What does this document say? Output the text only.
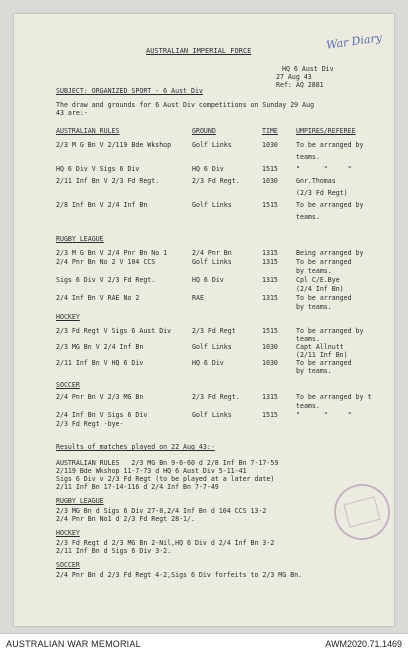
War Diary
AUSTRALIAN IMPERIAL FORCE
HQ 6 Aust Div
27 Aug 43
Ref: AQ 2881
SUBJECT: ORGANIZED SPORT - 6 Aust Div
The draw and grounds for 6 Aust Div competitions on Sunday 29 Aug
43 are:-
AUSTRALIAN RULES	GROUND	TIME	UMPIRES/REFEREE
RUGBY LEAGUE
HOCKEY
SOCCER
Results of matches played on 22 Aug 43:-
2/3 M G Bn V 2/119 Bde Wkshop	Golf Links	1030	To be arranged by
teams.
HQ 6 Div V Sigs 6 Div	HQ 6 Div	1515	"      "     "
2/11 Inf Bn V 2/3 Fd Regt.	2/3 Fd Regt.	1030	Gnr.Thomas
(2/3 Fd Regt)
2/8 Inf Bn V 2/4 Inf Bn	Golf Links	1515	To be arranged by
teams.
2/3 M G Bn V 2/4 Pnr Bn No 1	2/4 Pnr Bn	1315	Being arranged by
2/4 Pnr Bn No 2 V 104 CCS	Golf Links	1315	To be arranged
by teams.
Sigs 6 Div V 2/3 Fd Regt.	HQ 6 Div	1315	Cpl C/E.Bye
(2/4 Inf Bn)
2/4 Inf Bn V RAE No 2	RAE	1315	To be arranged
by teams.
2/3 Fd Regt V Sigs 6 Aust Div	2/3 Fd Regt	1515	To be arranged by
teams.
2/3 MG Bn V 2/4 Inf Bn	Golf Links	1030	Capt Allnutt
(2/11 Inf Bn)
2/11 Inf Bn V HQ 6 Div	HQ 6 Div	1030	To be arranged
by teams.
2/4 Pnr Bn V 2/3 MG Bn	2/3 Fd Regt.	1315	To be arranged by t
teams.
2/4 Inf Bn V Sigs 6 Div	Golf Links	1515	"      "     "
2/3 Fd Regt -bye-
AUSTRALIAN RULES   2/3 MG Bn 9-6-60 d 2/8 Inf Bn 7-17-59
2/119 Bde Wkshop 11-7-73 d HQ 6 Aust Div 5-11-41
Sigs 6 Div v 2/3 Fd Regt (to be played at a later date)
2/11 Inf Bn 17-14-116 d 2/4 Inf Bn 7-7-49
RUGBY LEAGUE
2/3 MG Bn d Sigs 6 Div 27-8,2/4 Inf Bn d 104 CCS 13-2
2/4 Pnr Bn No1 d 2/3 Fd Regt 28-1/.
HOCKEY
2/3 Fd Regt d 2/3 MG Bn 2-Nil,HQ 6 Div d 2/4 Inf Bn 3-2
2/11 Inf Bn d Sigs 6 Div 3-2.
SOCCER
2/4 Pnr Bn d 2/3 Fd Regt 4-2,Sigs 6 Div forfeits to 2/3 MG Bn.
AUSTRALIAN WAR MEMORIAL	AWM2020.71.1469
